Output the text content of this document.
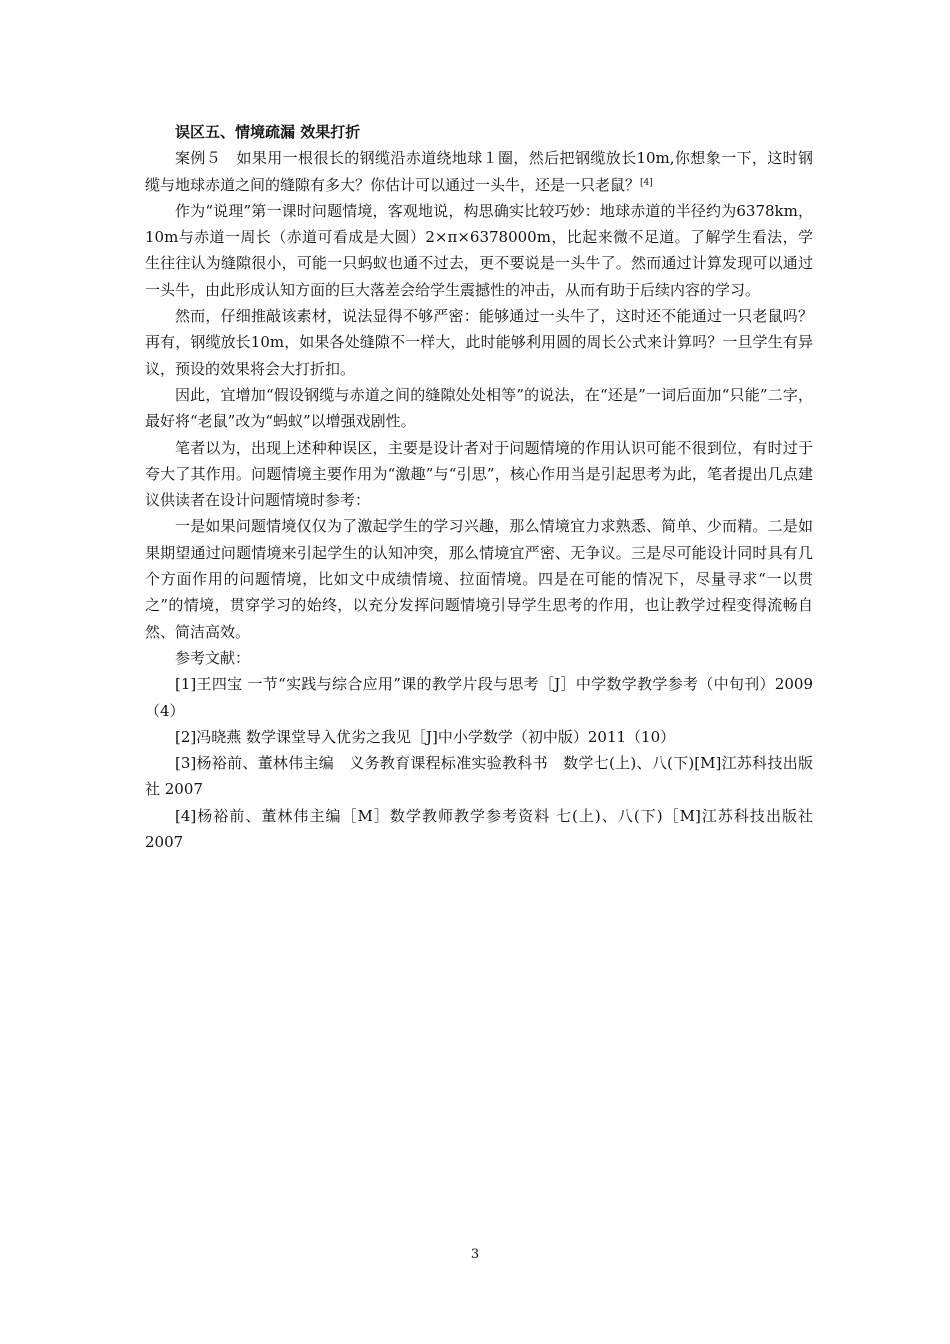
误区五、情境疏漏 效果打折

案例５　如果用一根很长的钢缆沿赤道绕地球１圈，然后把钢缆放长10m,你想象一下，这时钢缆与地球赤道之间的缝隙有多大？你估计可以通过一头牛，还是一只老鼠？[4]

作为“说理”第一课时问题情境，客观地说，构思确实比较巧妙：地球赤道的半径约为6378km，10m与赤道一周长（赤道可看成是大圆）2×π×6378000m，比起来微不足道。了解学生看法，学生往往认为缝隙很小，可能一只蚂蚁也通不过去，更不要说是一头牛了。然而通过计算发现可以通过一头牛，由此形成认知方面的巨大落差会给学生震撼性的冲击，从而有助于后续内容的学习。

然而，仔细推敲该素材，说法显得不够严密：能够通过一头牛了，这时还不能通过一只老鼠吗？再有，钢缆放长10m，如果各处缝隙不一样大，此时能够利用圆的周长公式来计算吗？一旦学生有异议，预设的效果将会大打折扣。

因此，宜增加“假设钢缆与赤道之间的缝隙处处相等”的说法，在“还是”一词后面加“只能”二字，最好将“老鼠”改为“蚂蚁”以增强戏剧性。

笔者以为，出现上述种种误区，主要是设计者对于问题情境的作用认识可能不很到位，有时过于夸大了其作用。问题情境主要作用为“激趣”与“引思”，核心作用当是引起思考为此，笔者提出几点建议供读者在设计问题情境时参考：

一是如果问题情境仅仅为了激起学生的学习兴趣，那么情境宜力求熟悉、简单、少而精。二是如果期望通过问题情境来引起学生的认知冲突，那么情境宜严密、无争议。三是尽可能设计同时具有几个方面作用的问题情境，比如文中成绩情境、拉面情境。四是在可能的情况下，尽量寻求“一以贯之”的情境，贯穿学习的始终，以充分发挥问题情境引导学生思考的作用，也让教学过程变得流畅自然、简洁高效。

参考文献：

[1]王四宝 一节“实践与综合应用”课的教学片段与思考［J］中学数学教学参考（中旬刊）2009（4）

[2]冯晓燕 数学课堂导入优劣之我见［J]中小学数学（初中版）2011（10）

[3]杨裕前、董林伟主编　义务教育课程标准实验教科书　数学七(上)、八(下)[M]江苏科技出版社 2007

[4]杨裕前、董林伟主编［M］数学教师教学参考资料 七(上)、八(下)［M]江苏科技出版社 2007

3
